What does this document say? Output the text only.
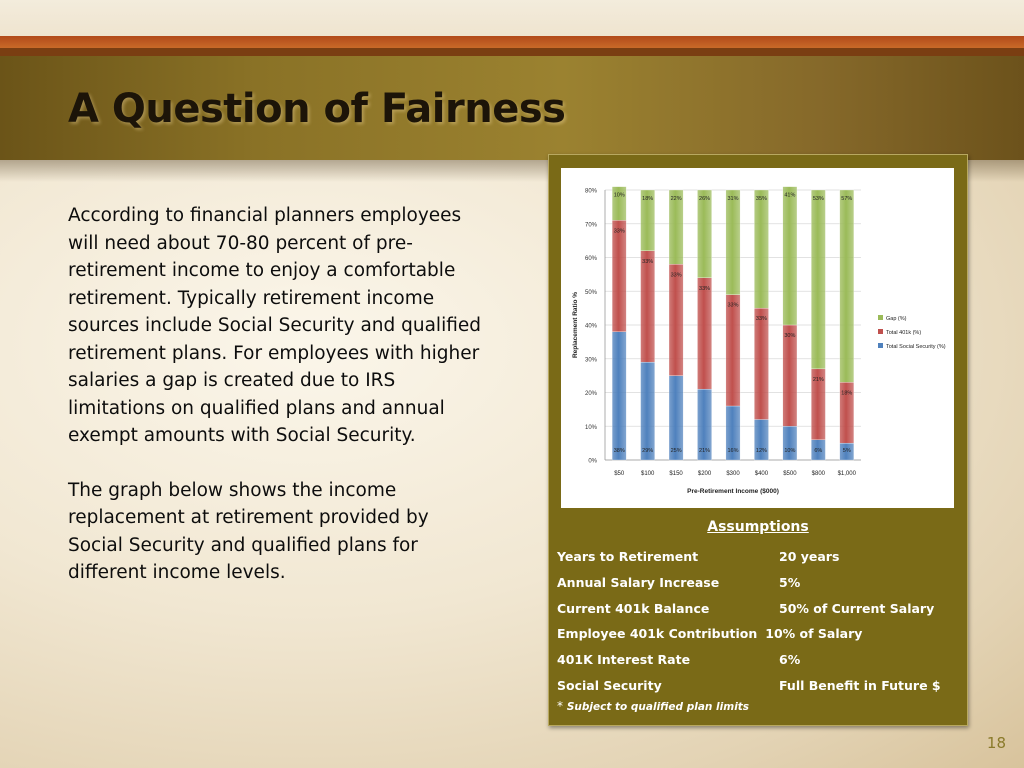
A Question of Fairness

According to financial planners employees will need about 70-80 percent of pre-retirement income to enjoy a comfortable retirement. Typically retirement income sources include Social Security and qualified retirement plans. For employees with higher salaries a gap is created due to IRS limitations on qualified plans and annual exempt amounts with Social Security.

The graph below shows the income replacement at retirement provided by Social Security and qualified plans for different income levels.

0%
10%
20%
30%
40%
50%
60%
70%
80%
38%
33%
10%
$50
29%
33%
18%
$100
25%
33%
22%
$150
21%
33%
26%
$200
16%
33%
31%
$300
12%
33%
35%
$400
10%
30%
41%
$500
6%
21%
53%
$800
5%
18%
57%
$1,000
Pre-Retirement Income ($000)
Replacement Ratio %	Gap (%)
Total 401k (%)
Total Social Security (%)
Assumptions
Years to Retirement	20 years
Annual Salary Increase	5%
Current 401k Balance	50% of Current Salary
Employee 401k Contribution 10% of Salary
401K Interest Rate	6%
Social Security	Full Benefit in Future $
* Subject to qualified plan limits
18
